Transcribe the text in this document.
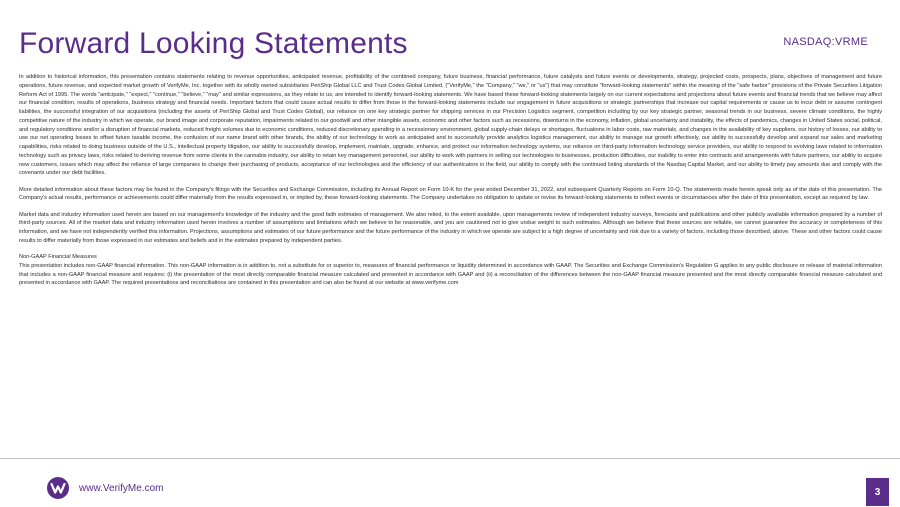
Forward Looking Statements	NASDAQ:VRME

In addition to historical information, this presentation contains statements relating to revenue opportunities, anticipated revenue, profitability of the combined company, future business, financial performance, future catalysts and future events or developments, strategy, projected costs, prospects, plans, objectives of management and future operations, future revenue, and expected market growth of VerifyMe, Inc. together with its wholly owned subsidiaries PeriShip Global LLC and Trust Codes Global Limited, ("VerifyMe," the "Company," "we," or "us") that may constitute "forward-looking statements" within the meaning of the "safe harbor" provisions of the Private Securities Litigation Reform Act of 1995. The words "anticipate," "expect," "continue," "believe," "may" and similar expressions, as they relate to us, are intended to identify forward-looking statements. We have based these forward-looking statements largely on our current expectations and projections about future events and financial trends that we believe may affect our financial condition, results of operations, business strategy and financial needs. Important factors that could cause actual results to differ from those in the forward-looking statements include our engagement in future acquisitions or strategic partnerships that increase our capital requirements or cause us to incur debt or assume contingent liabilities, the successful integration of our acquisitions (including the assets of PeriShip Global and Trust Codes Global), our reliance on one key strategic partner for shipping services in our Precision Logistics segment, competition including by our key strategic partner, seasonal trends in our business, severe climate conditions, the highly competitive nature of the industry in which we operate, our brand image and corporate reputation, impairments related to our goodwill and other intangible assets, economic and other factors such as recessions, downturns in the economy, inflation, global uncertainty and instability, the effects of pandemics, changes in United States social, political, and regulatory conditions and/or a disruption of financial markets, reduced freight volumes due to economic conditions, reduced discretionary spending in a recessionary environment, global supply-chain delays or shortages, fluctuations in labor costs, raw materials, and changes in the availability of key suppliers, our history of losses, our ability to use our net operating losses to offset future taxable income, the confusion of our name brand with other brands, the ability of our technology to work as anticipated and to successfully provide analytics logistics management, our ability to manage our growth effectively, our ability to successfully develop and expand our sales and marketing capabilities, risks related to doing business outside of the U.S., intellectual property litigation, our ability to successfully develop, implement, maintain, upgrade, enhance, and protect our information technology systems, our reliance on third-party information technology service providers, our ability to respond to evolving laws related to information technology such as privacy laws, risks related to deriving revenue from some clients in the cannabis industry, our ability to retain key management personnel, our ability to work with partners in selling our technologies to businesses, production difficulties, our inability to enter into contracts and arrangements with future partners, our ability to acquire new customers, issues which may affect the reliance of large companies to change their purchasing of products, acceptance of our technologies and the efficiency of our authenticators in the field, our ability to comply with the continued listing standards of the Nasdaq Capital Market, and our ability to timely pay amounts due and comply with the covenants under our debt facilities.

More detailed information about these factors may be found in the Company's filings with the Securities and Exchange Commission, including its Annual Report on Form 10-K for the year ended December 31, 2022, and subsequent Quarterly Reports on Form 10-Q. The statements made herein speak only as of the date of this presentation. The Company's actual results, performance or achievements could differ materially from the results expressed in, or implied by, these forward-looking statements. The Company undertakes no obligation to update or revise its forward-looking statements to reflect events or circumstances after the date of this presentation, except as required by law.

Market data and industry information used herein are based on our management's knowledge of the industry and the good faith estimates of management. We also relied, to the extent available, upon managements review of independent industry surveys, forecasts and publications and other publicly available information prepared by a number of third-party sources. All of the market data and industry information used herein involves a number of assumptions and limitations which we believe to be reasonable, and you are cautioned not to give undue weight to such estimates. Although we believe that these sources are reliable, we cannot guarantee the accuracy or completeness of this information, and we have not independently verified this information. Projections, assumptions and estimates of our future performance and the future performance of the industry in which we operate are subject to a high degree of uncertainty and risk due to a variety of factors, including those described, above. These and other factors could cause results to differ materially from those expressed in our estimates and beliefs and in the estimates prepared by independent parties.

Non-GAAP Financial Measures

This presentation includes non-GAAP financial information. This non-GAAP information is in addition to, not a substitute for or superior to, measures of financial performance or liquidity determined in accordance with GAAP. The Securities and Exchange Commission's Regulation G applies to any public disclosure or release of material information that includes a non-GAAP financial measure and requires: (i) the presentation of the most directly comparable financial measure calculated and presented in accordance with GAAP and (ii) a reconciliation of the differences between the non-GAAP financial measure presented and the most directly comparable financial measure calculated and presented in accordance with GAAP. The required presentations and reconciliations are contained in this presentation and can also be found at our website at www.verifyme.com

www.VerifyMe.com	3
